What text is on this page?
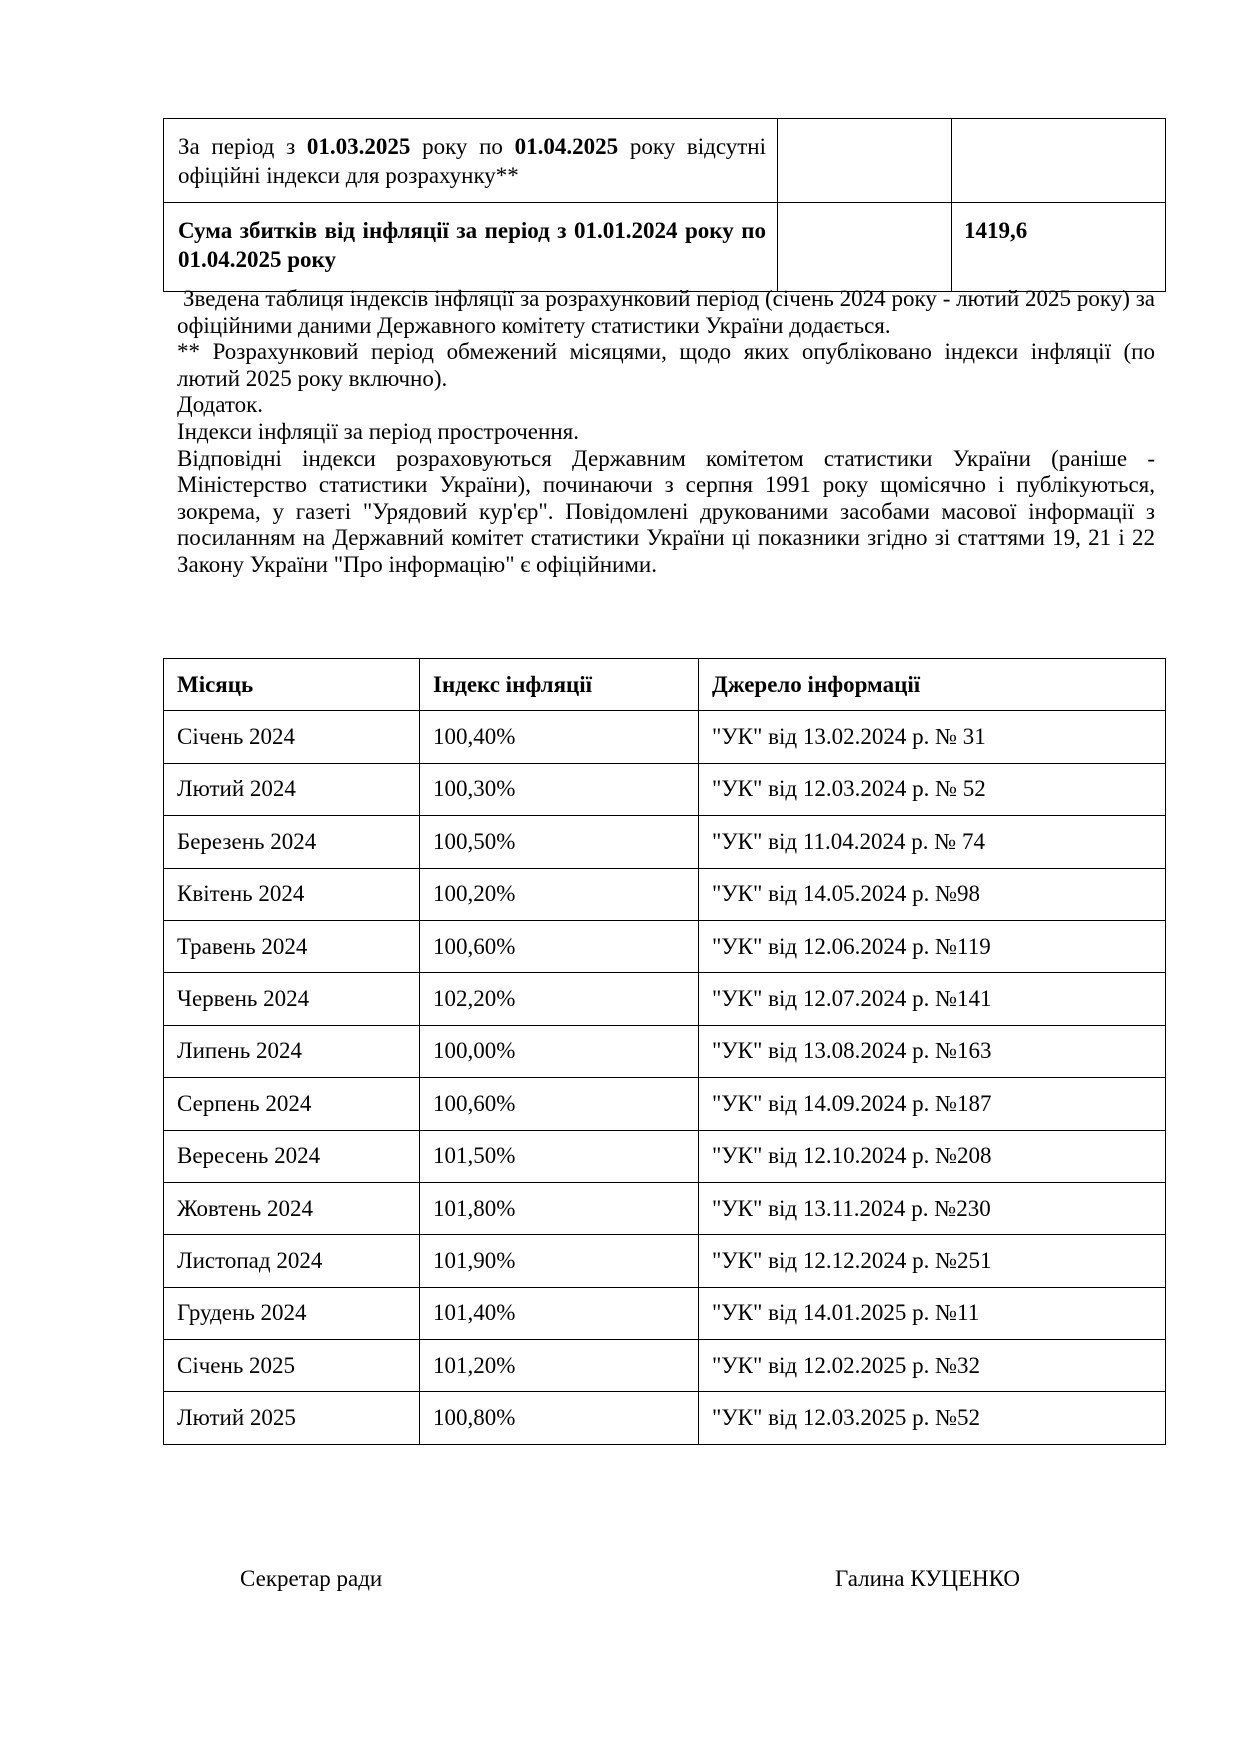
За період з 01.03.2025 року по 01.04.2025 року відсутні офіційні індекси для розрахунку**		
Сума збитків від інфляції за період з 01.01.2024 року по 01.04.2025 року		1419,6

Зведена таблиця індексів інфляції за розрахунковий період (січень 2024 року - лютий 2025 року) за офіційними даними Державного комітету статистики України додається.

** Розрахунковий період обмежений місяцями, щодо яких опубліковано індекси інфляції (по лютий 2025 року включно).

Додаток.

Індекси інфляції за період прострочення.

Відповідні індекси розраховуються Державним комітетом статистики України (раніше - Міністерство статистики України), починаючи з серпня 1991 року щомісячно і публікуються, зокрема, у газеті "Урядовий кур'єр". Повідомлені друкованими засобами масової інформації з посиланням на Державний комітет статистики України ці показники згідно зі статтями 19, 21 і 22 Закону України "Про інформацію" є офіційними.

Місяць	Індекс інфляції	Джерело інформації
Січень 2024	100,40%	"УК" від 13.02.2024 р. № 31
Лютий 2024	100,30%	"УК" від 12.03.2024 р. № 52
Березень 2024	100,50%	"УК" від 11.04.2024 р. № 74
Квітень 2024	100,20%	"УК" від 14.05.2024 р. №98
Травень 2024	100,60%	"УК" від 12.06.2024 р. №119
Червень 2024	102,20%	"УК" від 12.07.2024 р. №141
Липень 2024	100,00%	"УК" від 13.08.2024 р. №163
Серпень 2024	100,60%	"УК" від 14.09.2024 р. №187
Вересень 2024	101,50%	"УК" від 12.10.2024 р. №208
Жовтень 2024	101,80%	"УК" від 13.11.2024 р. №230
Листопад 2024	101,90%	"УК" від 12.12.2024 р. №251
Грудень 2024	101,40%	"УК" від 14.01.2025 р. №11
Січень 2025	101,20%	"УК" від 12.02.2025 р. №32
Лютий 2025	100,80%	"УК" від 12.03.2025 р. №52
Секретар ради	Галина КУЦЕНКО
